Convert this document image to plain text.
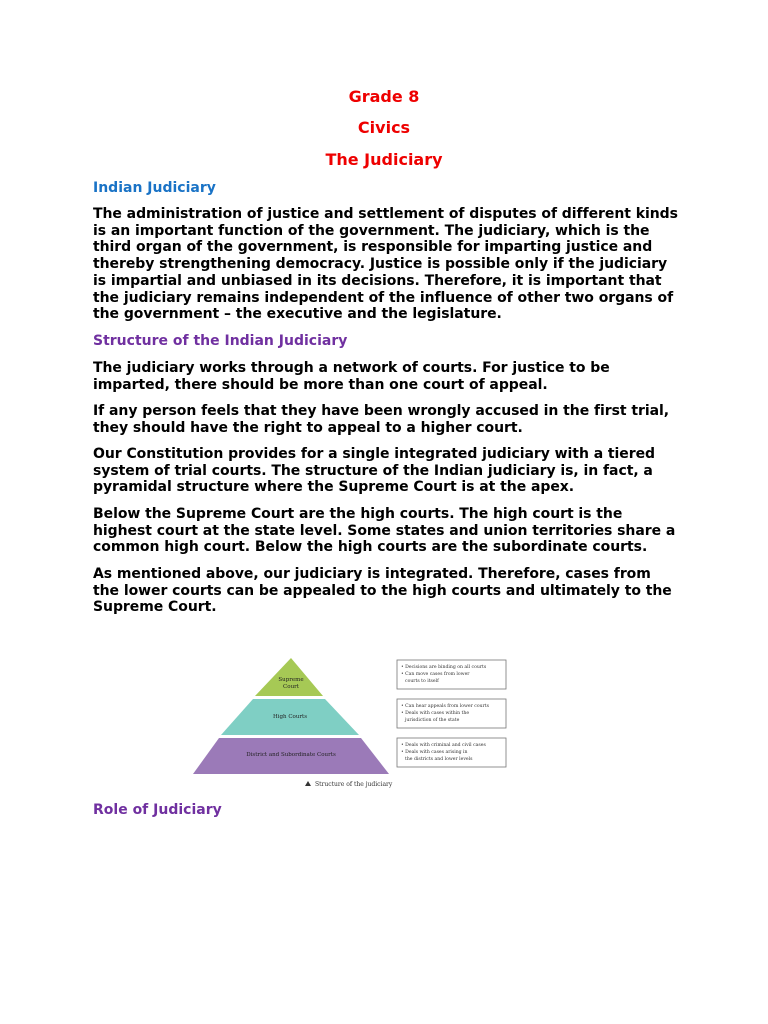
Grade 8
Civics
The Judiciary
Indian Judiciary

The administration of justice and settlement of disputes of different kinds is an important function of the government. The judiciary, which is the third organ of the government, is responsible for imparting justice and thereby strengthening democracy. Justice is possible only if the judiciary is impartial and unbiased in its decisions. Therefore, it is important that the judiciary remains independent of the influence of other two organs of the government – the executive and the legislature.

Structure of the Indian Judiciary

The judiciary works through a network of courts. For justice to be imparted, there should be more than one court of appeal.

If any person feels that they have been wrongly accused in the first trial, they should have the right to appeal to a higher court.

Our Constitution provides for a single integrated judiciary with a tiered system of trial courts. The structure of the Indian judiciary is, in fact, a pyramidal structure where the Supreme Court is at the apex.

Below the Supreme Court are the high courts. The high court is the highest court at the state level. Some states and union territories share a common high court. Below the high courts are the subordinate courts.

As mentioned above, our judiciary is integrated. Therefore, cases from the lower courts can be appealed to the high courts and ultimately to the Supreme Court.

Supreme
Court
High Courts
District and Subordinate Courts
• Decisions are binding on all courts
• Can move cases from lower
courts to itself
• Can hear appeals from lower courts
• Deals with cases within the
jurisdiction of the state
• Deals with criminal and civil cases
• Deals with cases arising in
the districts and lower levels
Structure of the judiciary
Role of Judiciary
